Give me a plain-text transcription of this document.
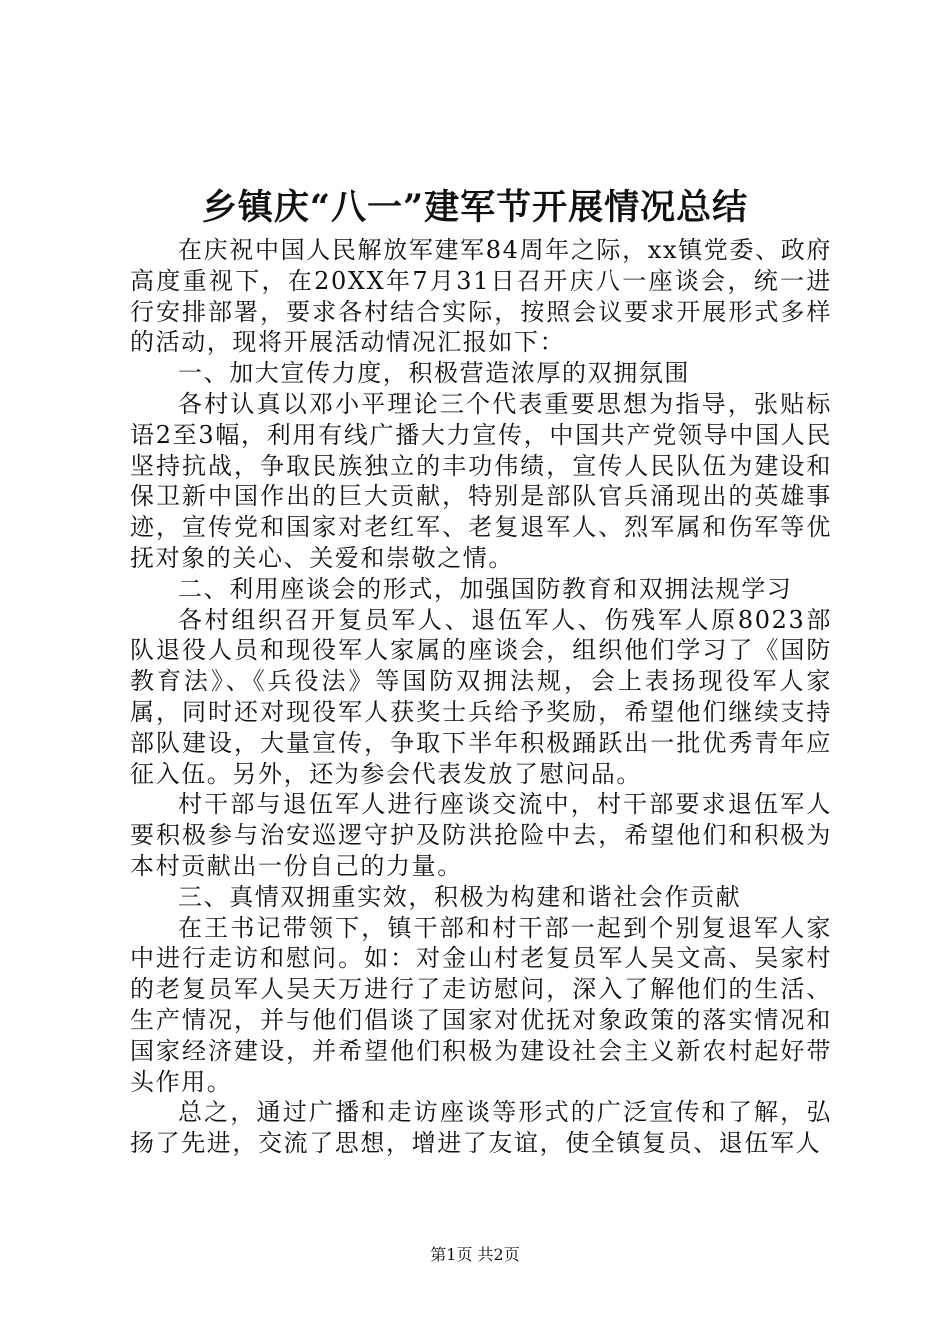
乡镇庆“八一”建军节开展情况总结

在庆祝中国人民解放军建军84周年之际，xx镇党委、政府高度重视下，在20XX年7月31日召开庆八一座谈会，统一进行安排部署，要求各村结合实际，按照会议要求开展形式多样的活动，现将开展活动情况汇报如下：

一、加大宣传力度，积极营造浓厚的双拥氛围

各村认真以邓小平理论三个代表重要思想为指导，张贴标语2至3幅，利用有线广播大力宣传，中国共产党领导中国人民坚持抗战，争取民族独立的丰功伟绩，宣传人民队伍为建设和保卫新中国作出的巨大贡献，特别是部队官兵涌现出的英雄事迹，宣传党和国家对老红军、老复退军人、烈军属和伤军等优抚对象的关心、关爱和崇敬之情。

二、利用座谈会的形式，加强国防教育和双拥法规学习

各村组织召开复员军人、退伍军人、伤残军人原8023部队退役人员和现役军人家属的座谈会，组织他们学习了《国防教育法》、《兵役法》等国防双拥法规，会上表扬现役军人家属，同时还对现役军人获奖士兵给予奖励，希望他们继续支持部队建设，大量宣传，争取下半年积极踊跃出一批优秀青年应征入伍。另外，还为参会代表发放了慰问品。

村干部与退伍军人进行座谈交流中，村干部要求退伍军人要积极参与治安巡逻守护及防洪抢险中去，希望他们和积极为本村贡献出一份自己的力量。

三、真情双拥重实效，积极为构建和谐社会作贡献

在王书记带领下，镇干部和村干部一起到个别复退军人家中进行走访和慰问。如：对金山村老复员军人吴文高、吴家村的老复员军人吴天万进行了走访慰问，深入了解他们的生活、生产情况，并与他们倡谈了国家对优抚对象政策的落实情况和国家经济建设，并希望他们积极为建设社会主义新农村起好带头作用。

总之，通过广播和走访座谈等形式的广泛宣传和了解，弘扬了先进，交流了思想，增进了友谊，使全镇复员、退伍军人

第1页 共2页
